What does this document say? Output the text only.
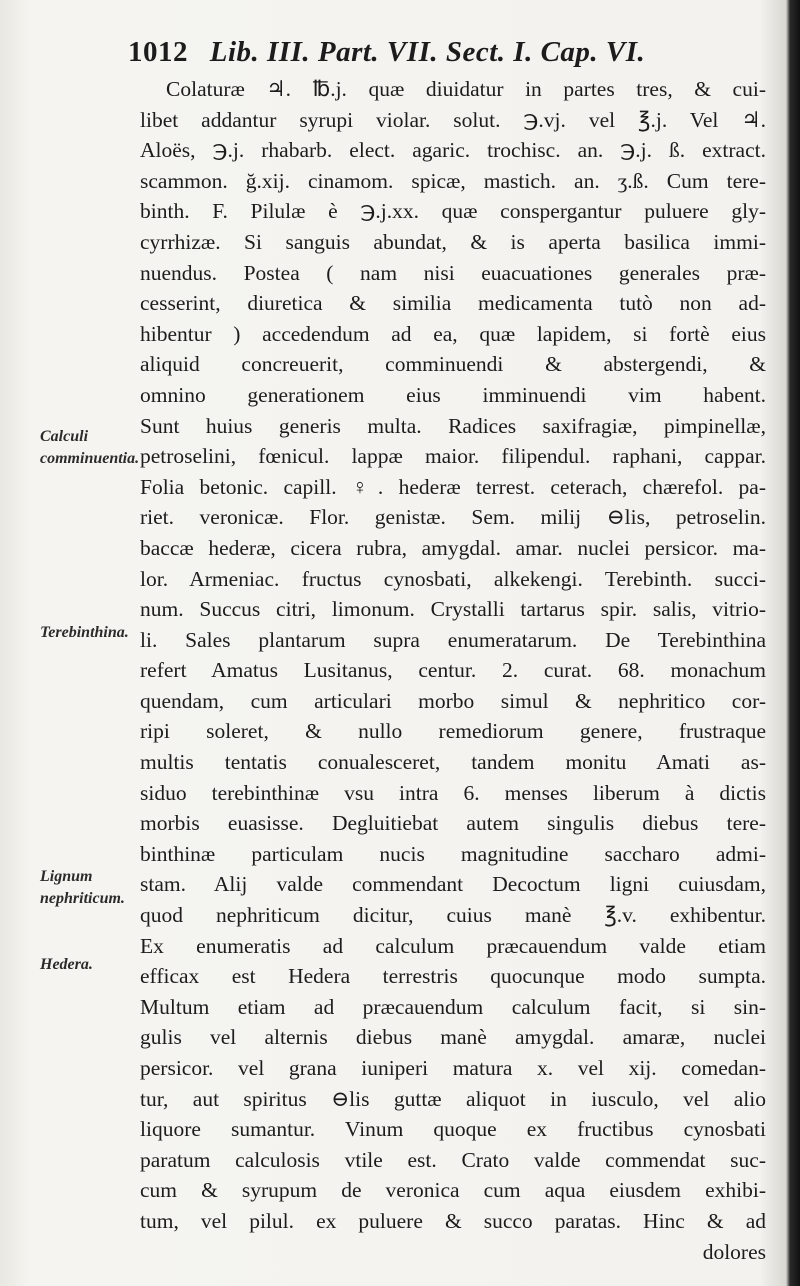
1012 Lib. III. Part. VII. Sect. I. Cap. VI.
Calculi comminuentia.
Terebinthina.
Lignum nephriticum.
Hedera.
Colaturæ ♃. ℔.j. quæ diuidatur in partes tres, & cui-
libet addantur syrupi violar. solut. ℈.vj. vel ℥.j. Vel ♃.
Aloës, ℈.j. rhabarb. elect. agaric. trochisc. an. ℈.j. ß. extract.
scammon. ğ.xij. cinamom. spicæ, mastich. an. ʒ.ß. Cum tere-
binth. F. Pilulæ è ℈.j.xx. quæ conspergantur puluere gly-
cyrrhizæ. Si sanguis abundat, & is aperta basilica immi-
nuendus. Postea ( nam nisi euacuationes generales præ-
cesserint, diuretica & similia medicamenta tutò non ad-
hibentur ) accedendum ad ea, quæ lapidem, si fortè eius
aliquid concreuerit, comminuendi & abstergendi, &
omnino generationem eius imminuendi vim habent.
Sunt huius generis multa. Radices saxifragiæ, pimpinellæ,
petroselini, fœnicul. lappæ maior. filipendul. raphani, cappar.
Folia betonic. capill. ♀. hederæ terrest. ceterach, chærefol. pa-
riet. veronicæ. Flor. genistæ. Sem. milij ⊖lis, petroselin.
baccæ hederæ, cicera rubra, amygdal. amar. nuclei persicor. ma-
lor. Armeniac. fructus cynosbati, alkekengi. Terebinth. succi-
num. Succus citri, limonum. Crystalli tartarus spir. salis, vitrio-
li. Sales plantarum supra enumeratarum. De Terebinthina
refert Amatus Lusitanus, centur. 2. curat. 68. monachum
quendam, cum articulari morbo simul & nephritico cor-
ripi soleret, & nullo remediorum genere, frustraque
multis tentatis conualesceret, tandem monitu Amati as-
siduo terebinthinæ vsu intra 6. menses liberum à dictis
morbis euasisse. Degluitiebat autem singulis diebus tere-
binthinæ particulam nucis magnitudine saccharo admi-
stam. Alij valde commendant Decoctum ligni cuiusdam,
quod nephriticum dicitur, cuius manè ℥.v. exhibentur.
Ex enumeratis ad calculum præcauendum valde etiam
efficax est Hedera terrestris quocunque modo sumpta.
Multum etiam ad præcauendum calculum facit, si sin-
gulis vel alternis diebus manè amygdal. amaræ, nuclei
persicor. vel grana iuniperi matura x. vel xij. comedan-
tur, aut spiritus ⊖lis guttæ aliquot in iusculo, vel alio
liquore sumantur. Vinum quoque ex fructibus cynosbati
paratum calculosis vtile est. Crato valde commendat suc-
cum & syrupum de veronica cum aqua eiusdem exhibi-
tum, vel pilul. ex puluere & succo paratas. Hinc & ad
dolores
